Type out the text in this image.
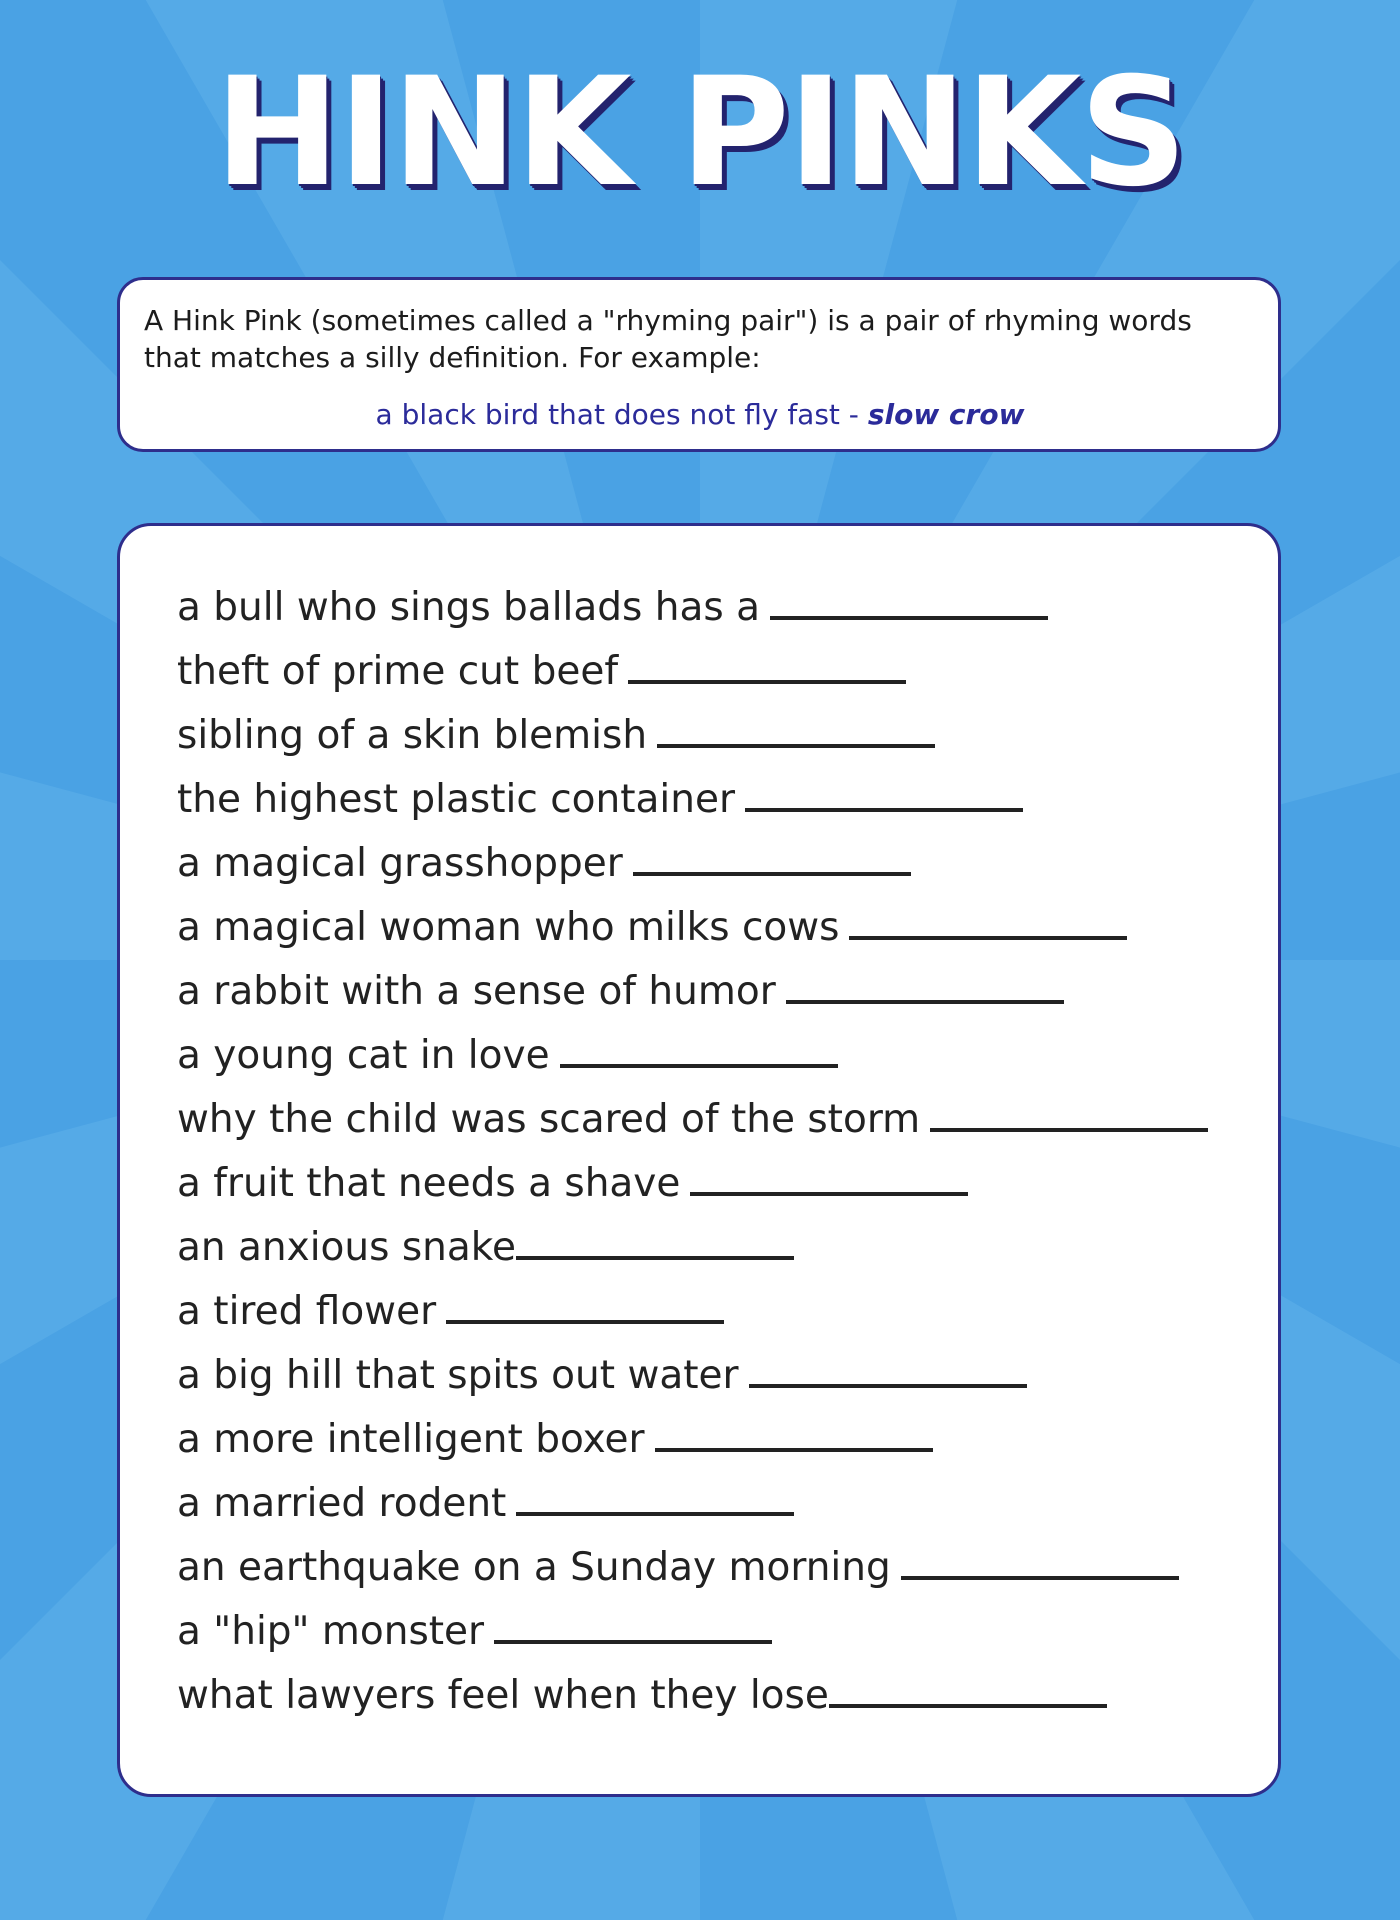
HINK PINKS

A Hink Pink (sometimes called a "rhyming pair") is a pair of rhyming words that matches a silly definition. For example:

a black bird that does not fly fast - slow crow
a bull who sings ballads has a
theft of prime cut beef
sibling of a skin blemish
the highest plastic container
a magical grasshopper
a magical woman who milks cows
a rabbit with a sense of humor
a young cat in love
why the child was scared of the storm
a fruit that needs a shave
an anxious snake
a tired flower
a big hill that spits out water
a more intelligent boxer
a married rodent
an earthquake on a Sunday morning
a "hip" monster
what lawyers feel when they lose
